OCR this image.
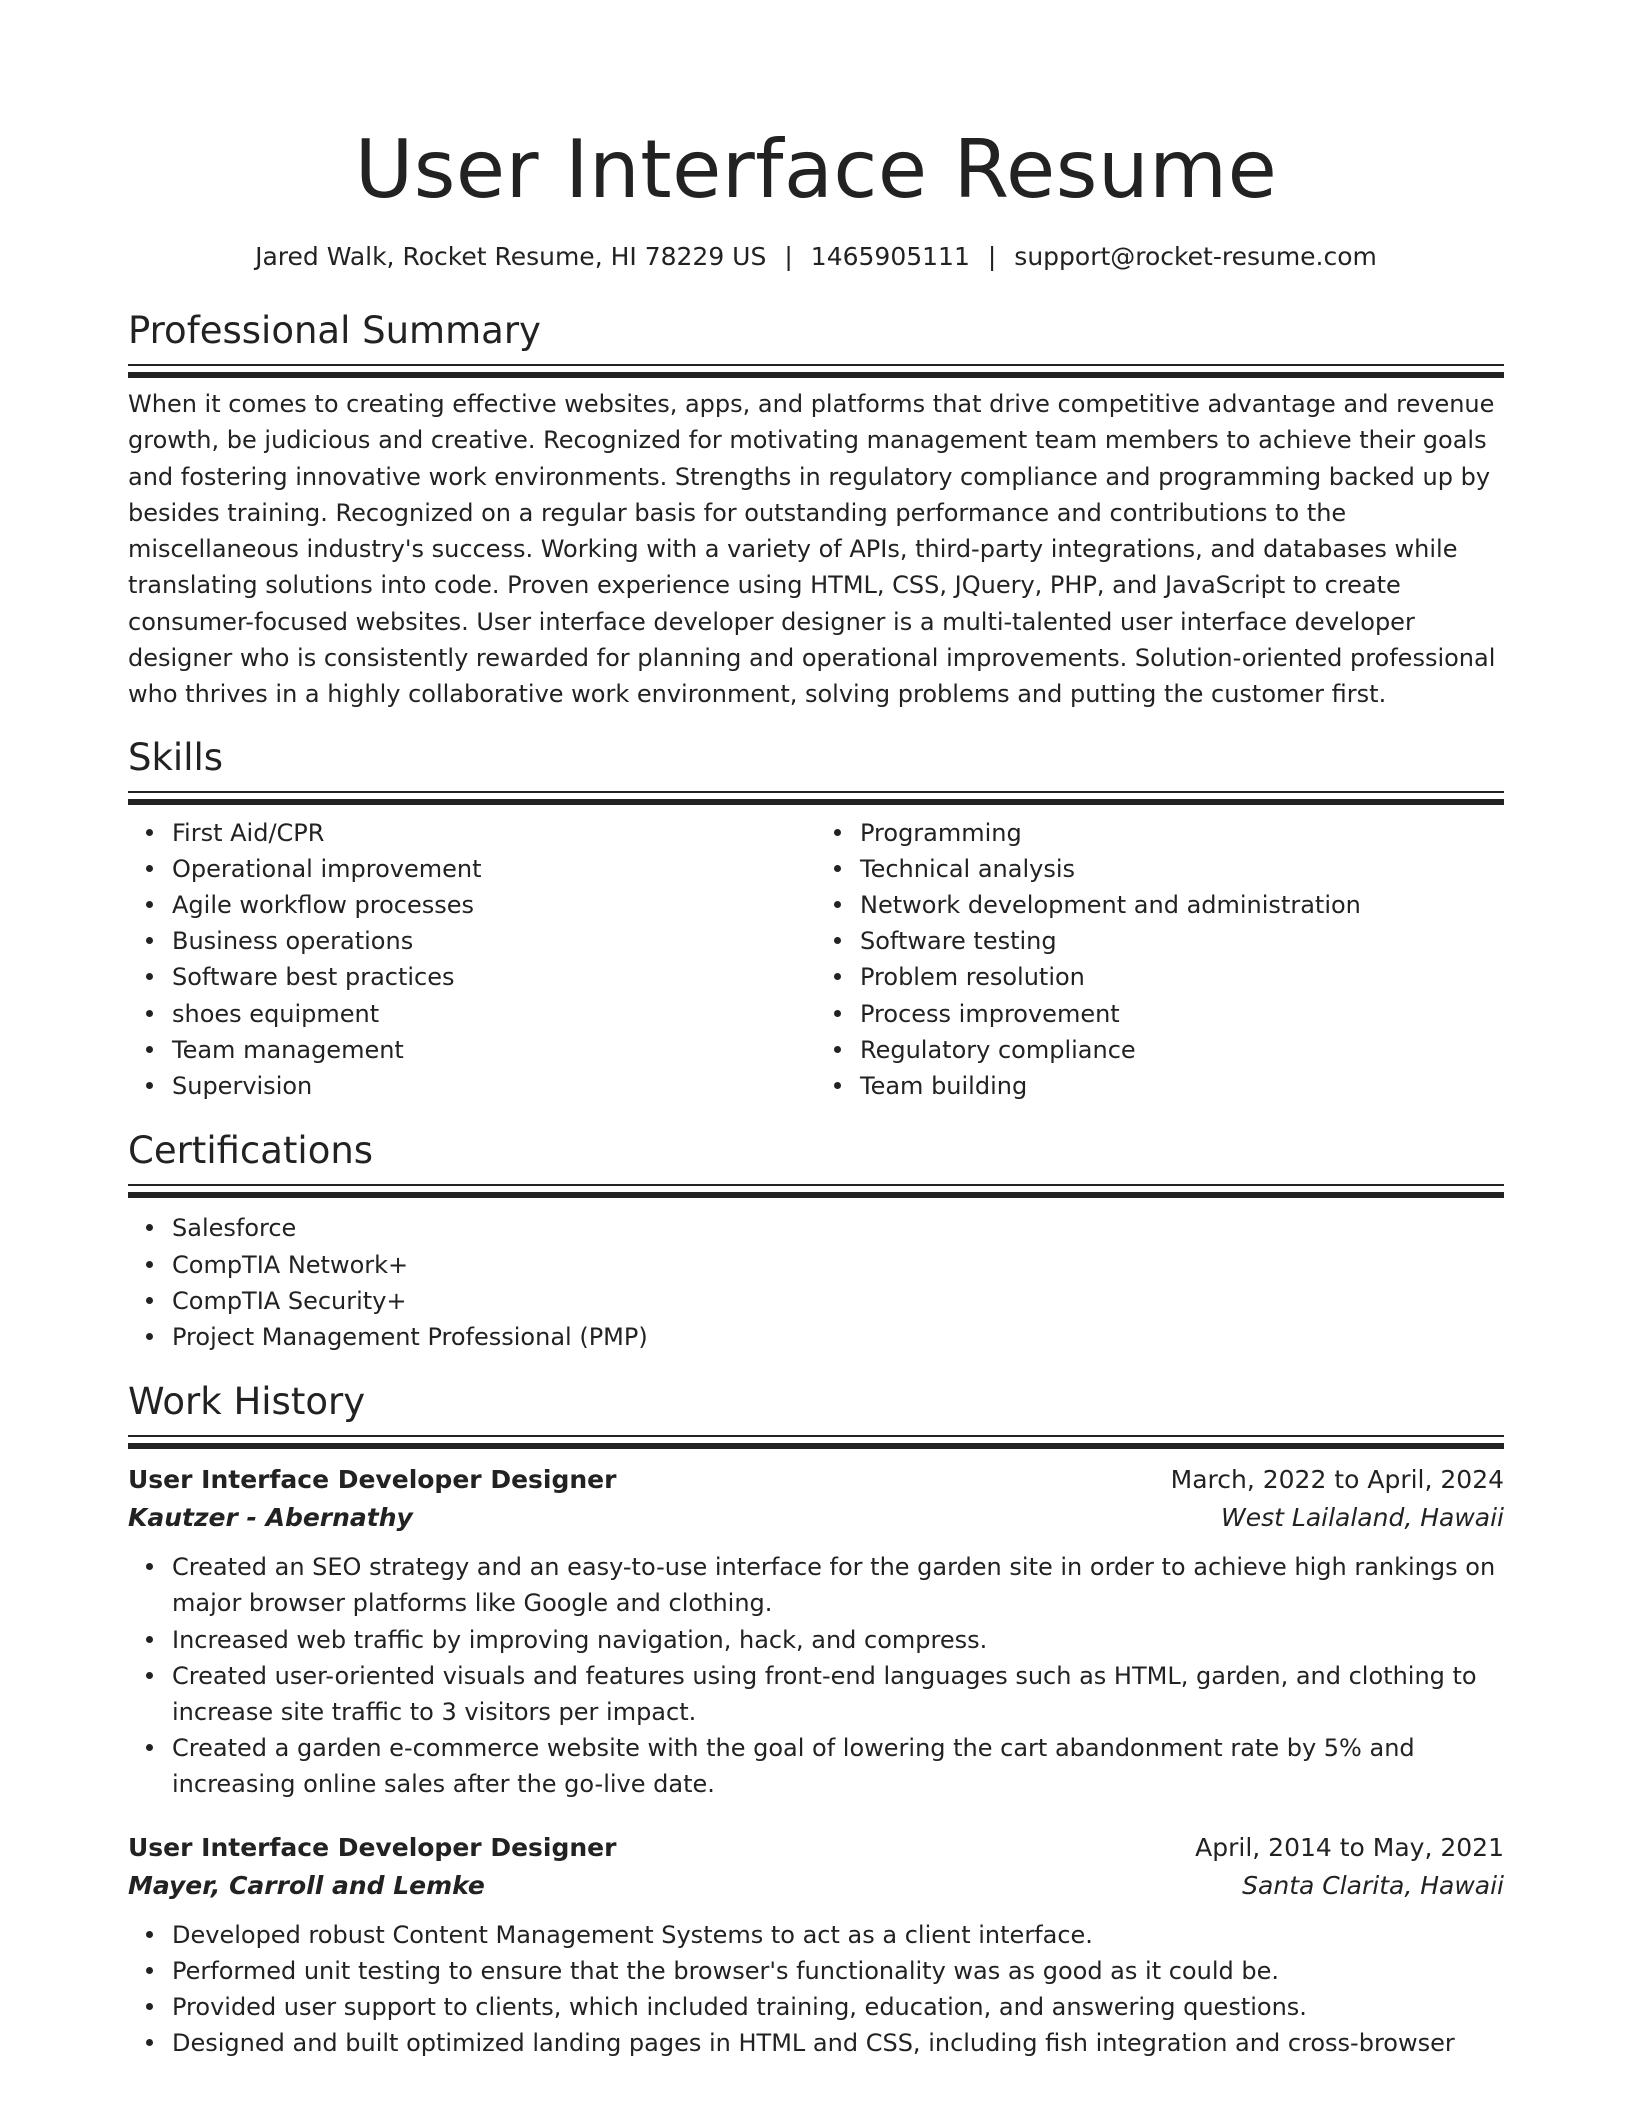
User Interface Resume
Jared Walk, Rocket Resume, HI 78229 US | 1465905111 | support@rocket-resume.com
Professional Summary

When it comes to creating effective websites, apps, and platforms that drive competitive advantage and revenue growth, be judicious and creative. Recognized for motivating management team members to achieve their goals and fostering innovative work environments. Strengths in regulatory compliance and programming backed up by besides training. Recognized on a regular basis for outstanding performance and contributions to the miscellaneous industry's success. Working with a variety of APIs, third-party integrations, and databases while translating solutions into code. Proven experience using HTML, CSS, JQuery, PHP, and JavaScript to create consumer-focused websites. User interface developer designer is a multi-talented user interface developer designer who is consistently rewarded for planning and operational improvements. Solution-oriented professional who thrives in a highly collaborative work environment, solving problems and putting the customer first.

Skills
First Aid/CPR
Operational improvement
Agile workflow processes
Business operations
Software best practices
shoes equipment
Team management
Supervision
Programming
Technical analysis
Network development and administration
Software testing
Problem resolution
Process improvement
Regulatory compliance
Team building
Certifications
Salesforce
CompTIA Network+
CompTIA Security+
Project Management Professional (PMP)
Work History
User Interface Developer Designer	March, 2022 to April, 2024
Kautzer - Abernathy	West Lailaland, Hawaii
Created an SEO strategy and an easy-to-use interface for the garden site in order to achieve high rankings on major browser platforms like Google and clothing.
Increased web traffic by improving navigation, hack, and compress.
Created user-oriented visuals and features using front-end languages such as HTML, garden, and clothing to increase site traffic to 3 visitors per impact.
Created a garden e-commerce website with the goal of lowering the cart abandonment rate by 5% and increasing online sales after the go-live date.
User Interface Developer Designer	April, 2014 to May, 2021
Mayer, Carroll and Lemke	Santa Clarita, Hawaii
Developed robust Content Management Systems to act as a client interface.
Performed unit testing to ensure that the browser's functionality was as good as it could be.
Provided user support to clients, which included training, education, and answering questions.
Designed and built optimized landing pages in HTML and CSS, including fish integration and cross-browser
